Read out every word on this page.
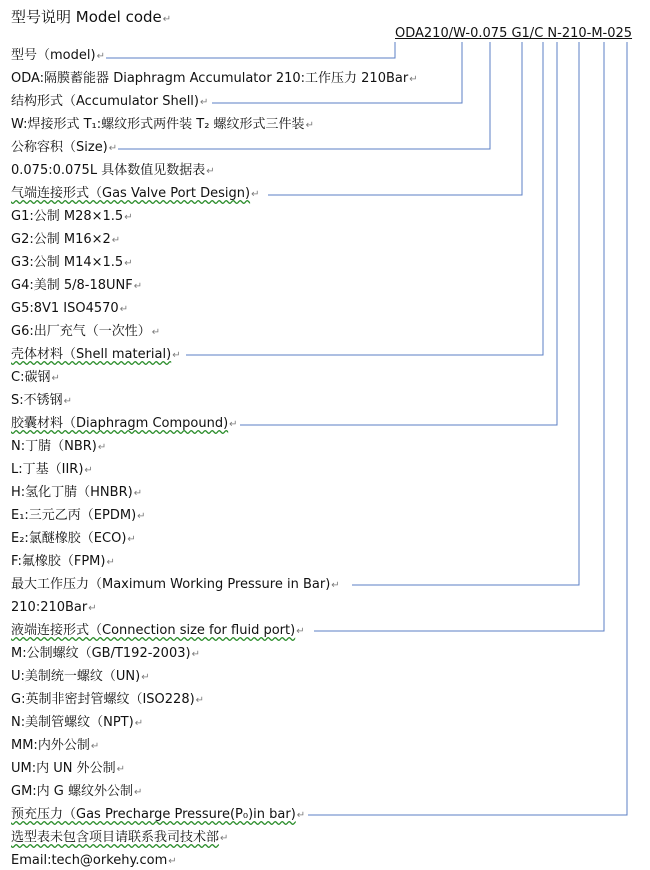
型号说明 Model code↵
ODA210/W-0.075 G1/C N-210-M-025
型号（model)↵
ODA:隔膜蓄能器 Diaphragm Accumulator 210:工作压力 210Bar↵
结构形式（Accumulator Shell)↵
W:焊接形式 T₁:螺纹形式两件装 T₂ 螺纹形式三件装↵
公称容积（Size)↵
0.075:0.075L 具体数值见数据表↵
气端连接形式（Gas Valve Port Design)↵
G1:公制 M28×1.5↵
G2:公制 M16×2↵
G3:公制 M14×1.5↵
G4:美制 5/8-18UNF↵
G5:8V1 ISO4570↵
G6:出厂充气（一次性）↵
壳体材料（Shell material)↵
C:碳钢↵
S:不锈钢↵
胶囊材料（Diaphragm Compound)↵
N:丁腈（NBR)↵
L:丁基（IIR)↵
H:氢化丁腈（HNBR)↵
E₁:三元乙丙（EPDM)↵
E₂:氯醚橡胶（ECO)↵
F:氟橡胶（FPM)↵
最大工作压力（Maximum Working Pressure in Bar)↵
210:210Bar↵
液端连接形式（Connection size for fluid port)↵
M:公制螺纹（GB/T192-2003)↵
U:美制统一螺纹（UN)↵
G:英制非密封管螺纹（ISO228)↵
N:美制管螺纹（NPT)↵
MM:内外公制↵
UM:内 UN 外公制↵
GM:内 G 螺纹外公制↵
预充压力（Gas Precharge Pressure(P₀)in bar)↵
选型表未包含项目请联系我司技术部↵
Email:tech@orkehy.com↵
